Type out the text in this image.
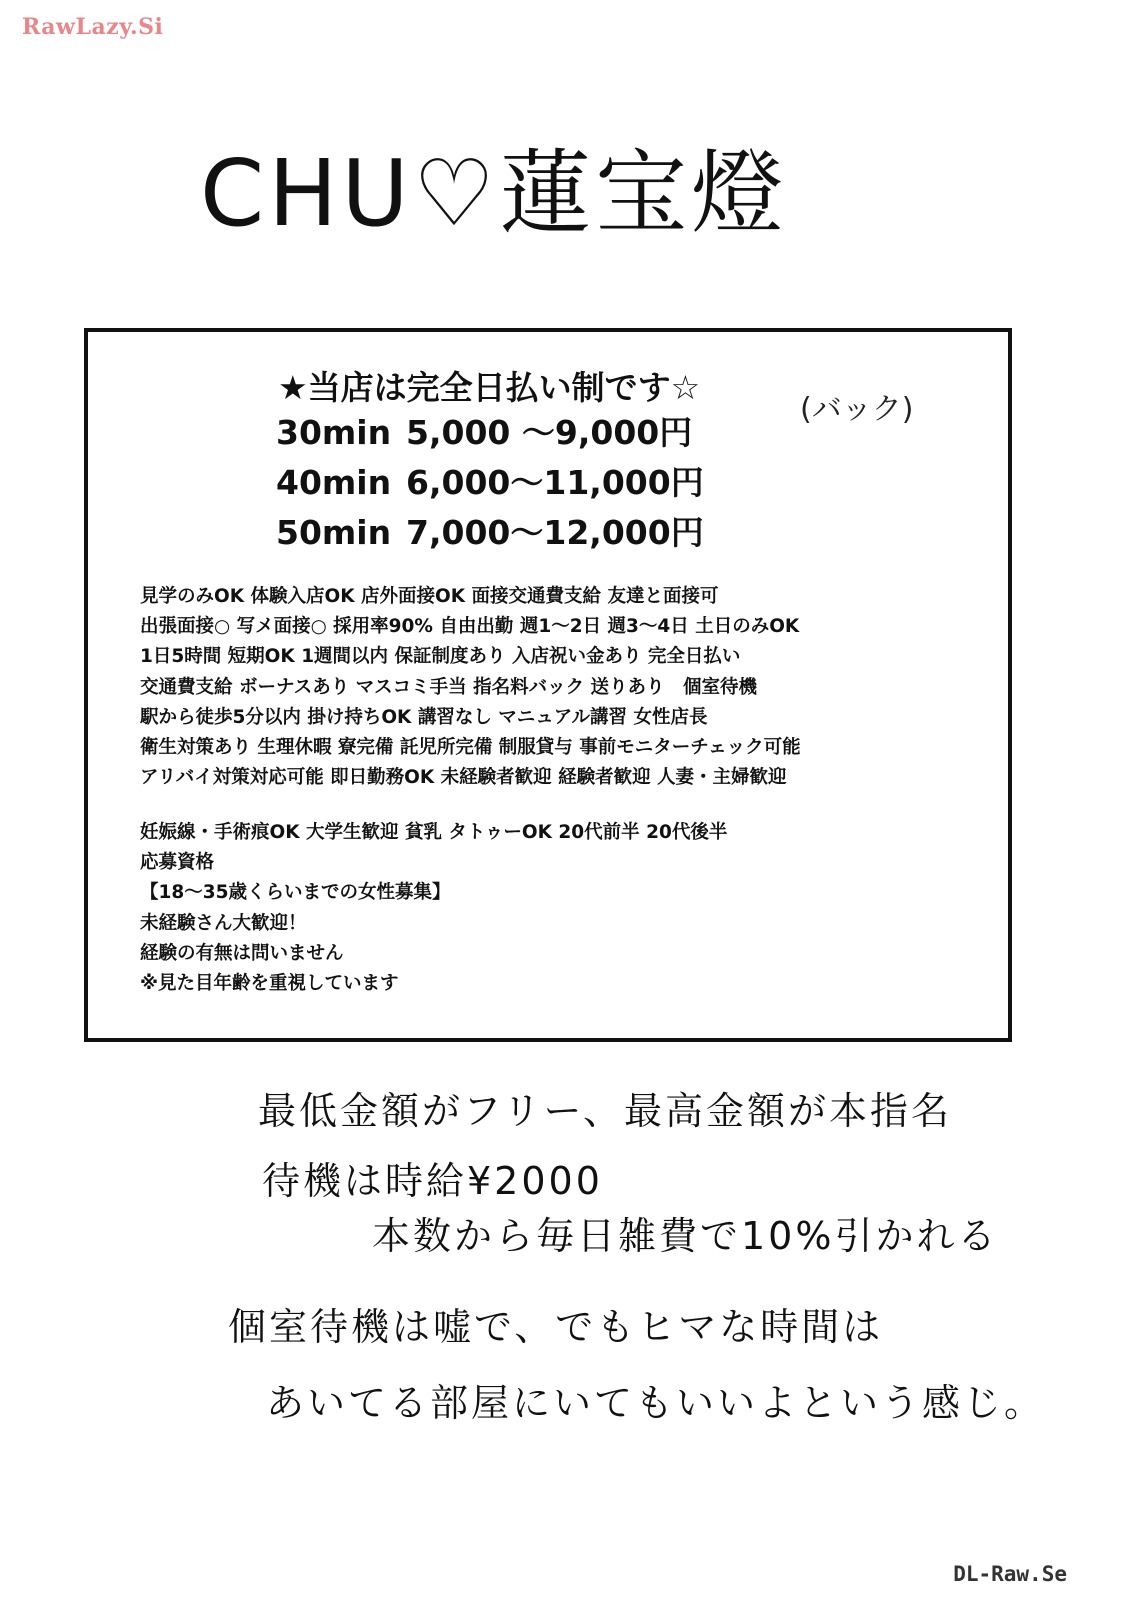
RawLazy.Si
CHU♡蓮宝燈
★当店は完全日払い制です☆
(バック)
30min 5,000 ～9,000円
40min 6,000～11,000円
50min 7,000～12,000円
見学のみOK 体験入店OK 店外面接OK 面接交通費支給 友達と面接可
出張面接○ 写メ面接○ 採用率90% 自由出勤 週1～2日 週3～4日 土日のみOK
1日5時間 短期OK 1週間以内 保証制度あり 入店祝い金あり 完全日払い
交通費支給 ボーナスあり マスコミ手当 指名料バック 送りあり　個室待機
駅から徒歩5分以内 掛け持ちOK 講習なし マニュアル講習 女性店長
衛生対策あり 生理休暇 寮完備 託児所完備 制服貸与 事前モニターチェック可能
アリバイ対策対応可能 即日勤務OK 未経験者歓迎 経験者歓迎 人妻・主婦歓迎
妊娠線・手術痕OK 大学生歓迎 貧乳 タトゥーOK 20代前半 20代後半
応募資格
【18～35歳くらいまでの女性募集】
未経験さん大歓迎！
経験の有無は問いません
※見た目年齢を重視しています
最低金額がフリー、最高金額が本指名
待機は時給¥2000
本数から毎日雑費で10%引かれる
個室待機は嘘で、でもヒマな時間は
あいてる部屋にいてもいいよという感じ。
DL-Raw.Se
